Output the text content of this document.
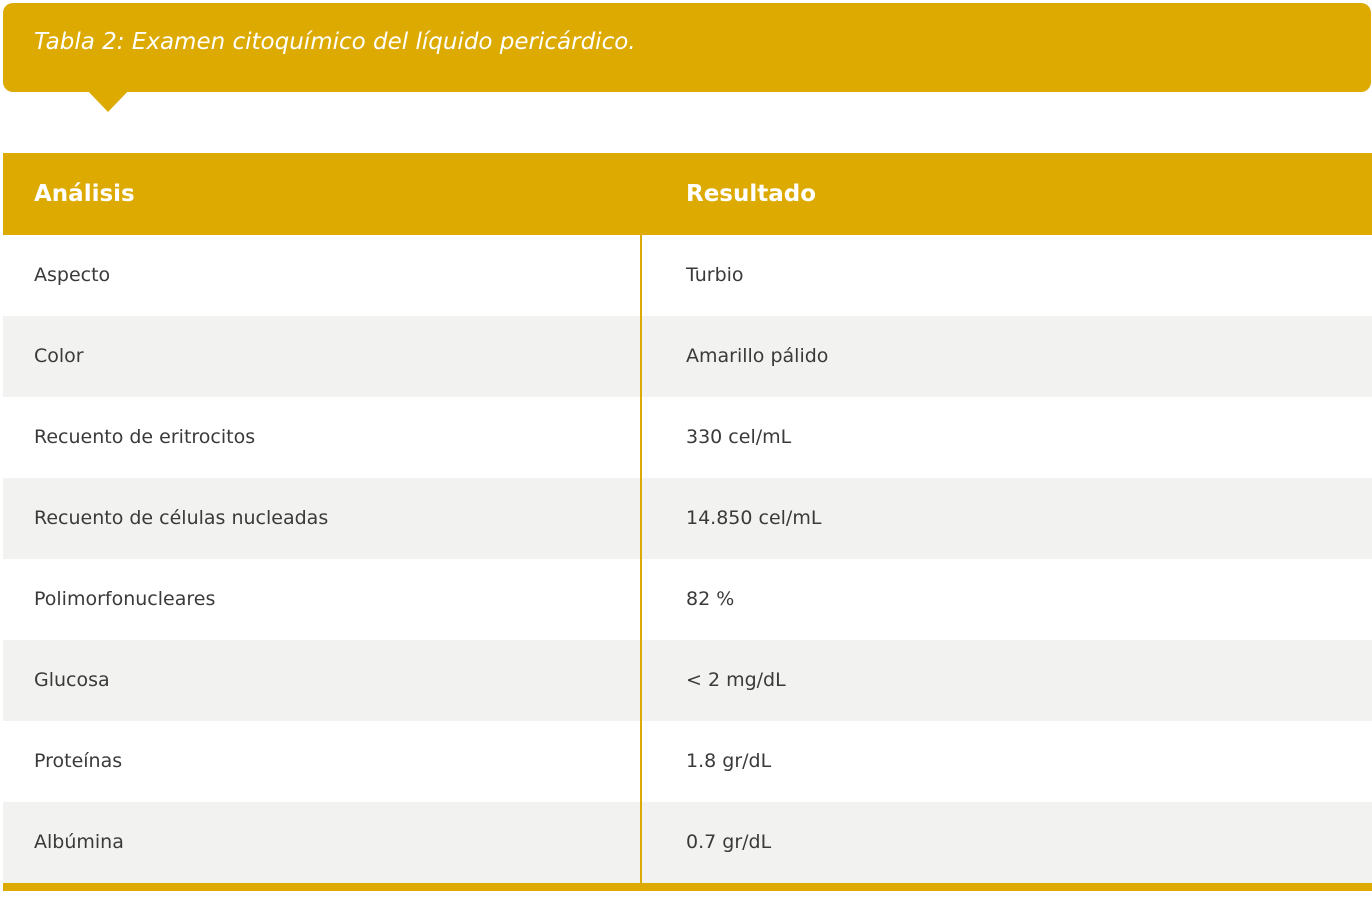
Tabla 2: Examen citoquímico del líquido pericárdico.
Análisis	Resultado
Aspecto	Turbio
Color	Amarillo pálido
Recuento de eritrocitos	330 cel/mL
Recuento de células nucleadas	14.850 cel/mL
Polimorfonucleares	82 %
Glucosa	< 2 mg/dL
Proteínas	1.8 gr/dL
Albúmina	0.7 gr/dL
